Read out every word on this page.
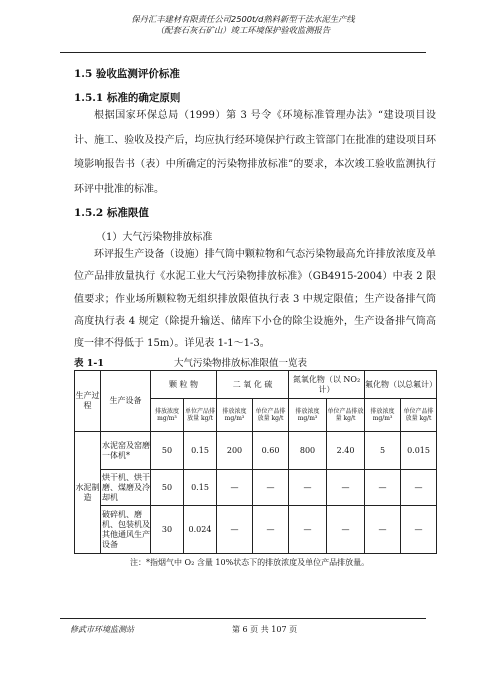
保丹汇丰建材有限责任公司2500t/d熟料新型干法水泥生产线
（配套石灰石矿山）竣工环境保护验收监测报告
1.5 验收监测评价标准
1.5.1 标准的确定原则
根据国家环保总局（1999）第 3 号令《环境标准管理办法》“建设项目设计、施工、验收及投产后，均应执行经环境保护行政主管部门在批准的建设项目环境影响报告书（表）中所确定的污染物排放标准”的要求，本次竣工验收监测执行环评中批准的标准。
1.5.2 标准限值
（1）大气污染物排放标准
环评报生产设备（设施）排气筒中颗粒物和气态污染物最高允许排放浓度及单位产品排放量执行《水泥工业大气污染物排放标准》（GB4915-2004）中表 2 限值要求；作业场所颗粒物无组织排放限值执行表 3 中规定限值；生产设备排气筒高度执行表 4 规定（除提升输送、储库下小仓的除尘设施外，生产设备排气筒高度一律不得低于 15m）。详见表 1-1～1-3。
表 1-1	大气污染物排放标准限值一览表
生产过程	生产设备	颗 粒 物		二 氧 化 硫		氮氧化物（以 NO₂ 计）		氟化物（以总氟计）	
		排放浓度 mg/m³	单位产品排放量 kg/t	排放浓度 mg/m³	单位产品排放量 kg/t	排放浓度 mg/m³	单位产品排放量 kg/t	排放浓度 mg/m³	单位产品排放量 kg/t
水泥制造	水泥窑及窑磨一体机*	50	0.15	200	0.60	800	2.40	5	0.015
	烘干机、烘干磨、煤磨及冷却机	50	0.15	—	—	—	—	—	—
	破碎机、磨机、包装机及其他通风生产设备	30	0.024	—	—	—	—	—	—
注：*指烟气中 O₂ 含量 10%状态下的排放浓度及单位产品排放量。
修武市环境监测站	第 6 页 共 107 页
